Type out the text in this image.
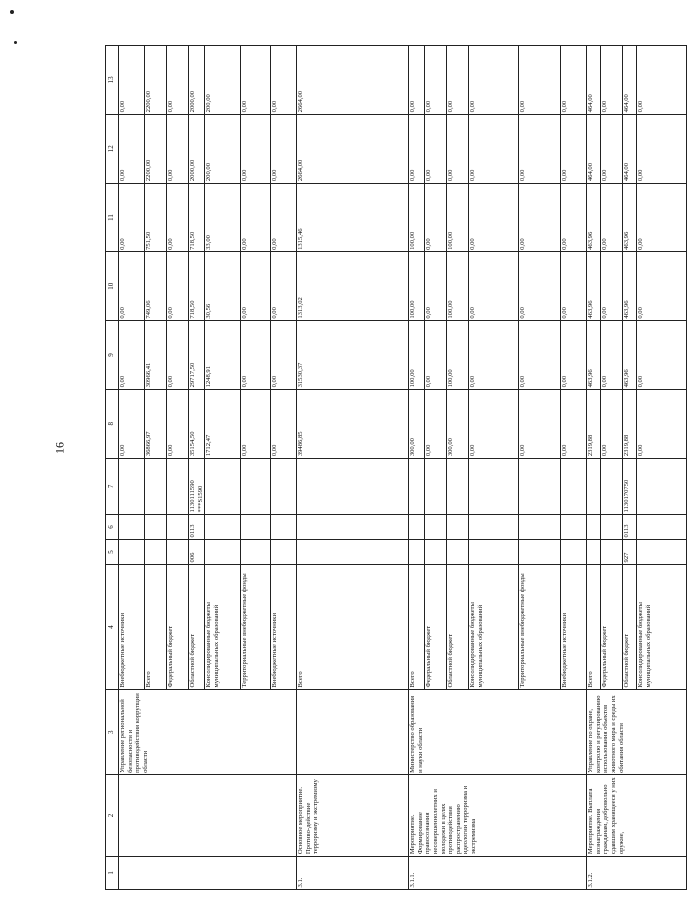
16
1	2	3	4	5	6	7	8	9	10	11	12	13
		Управление региональной безопасности и противодействия коррупции области	Внебюджетные источники				0,00	0,00	0,00	0,00	0,00	0,00
			Всего				36866,97	30966,41	749,06	751,50	2200,00	2200,00
			Федеральный бюджет				0,00	0,00	0,00	0,00	0,00	0,00
			Областной бюджет	006	0113	1130111590 ***S1590	35154,50	29717,50	718,50	718,50	2000,00	2000,00
			Консолидированные бюджеты муниципальных образований				1712,47	1248,91	30,56	33,00	200,00	200,00
			Территориальные внебюджетные фонды				0,00	0,00	0,00	0,00	0,00	0,00
			Внебюджетные источники				0,00	0,00	0,00	0,00	0,00	0,00
3.1.	Основное мероприятие. Противо-действие терроризму и экстремизму		Всего				39486,85	31530,37	1313,02	1315,46	2664,00	2664,00
3.1.1.	Мероприятие. Формирование правосознания несовершеннолетних и молодежи в целях противодействия распространению идеологии терроризма и экстремизма	Министерство образования и науки области	Всего				300,00	100,00	100,00	100,00	0,00	0,00
			Федеральный бюджет				0,00	0,00	0,00	0,00	0,00	0,00
			Областной бюджет				300,00	100,00	100,00	100,00	0,00	0,00
			Консолидированные бюджеты муниципальных образований				0,00	0,00	0,00	0,00	0,00	0,00
			Территориальные внебюджетные фонды				0,00	0,00	0,00	0,00	0,00	0,00
			Внебюджетные источники				0,00	0,00	0,00	0,00	0,00	0,00
3.1.2.	Мероприятие. Выплата вознаграждения гражданам, добровольно сдавшим хранящееся у них оружие,	Управление по охране, контролю и регулированию использования объектов животного мира и среды их обитания области	Всего				2319,88	463,96	463,96	463,96	464,00	464,00
			Федеральный бюджет				0,00	0,00	0,00	0,00	0,00	0,00
			Областной бюджет	927	0113	1130170750	2319,88	463,96	463,96	463,96	464,00	464,00
			Консолидированные бюджеты муниципальных образований				0,00	0,00	0,00	0,00	0,00	0,00
